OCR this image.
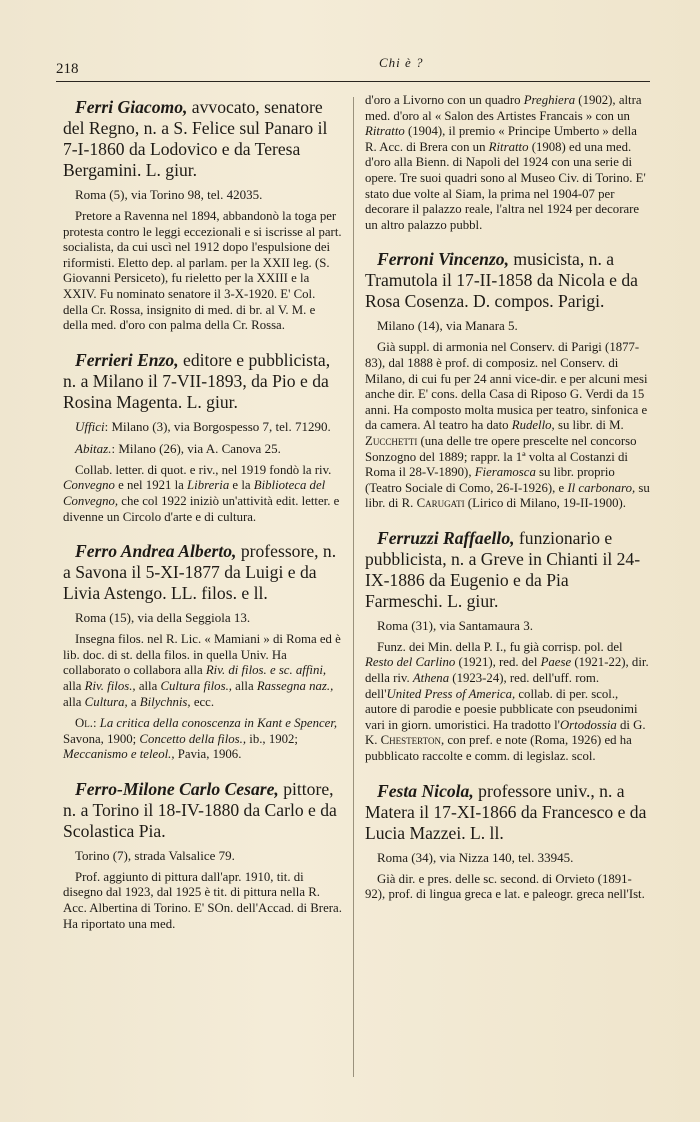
218	Chi è ?

Ferri Giacomo, avvocato, senatore del Regno, n. a S. Felice sul Panaro il 7-I-1860 da Lodovico e da Teresa Bergamini. L. giur.

Roma (5), via Torino 98, tel. 42035.

Pretore a Ravenna nel 1894, abbandonò la toga per protesta contro le leggi eccezionali e si iscrisse al part. socialista, da cui uscì nel 1912 dopo l'espulsione dei riformisti. Eletto dep. al parlam. per la XXII leg. (S. Giovanni Persiceto), fu rieletto per la XXIII e la XXIV. Fu nominato senatore il 3-X-1920. E' Col. della Cr. Rossa, insignito di med. di br. al V. M. e della med. d'oro con palma della Cr. Rossa.

Ferrieri Enzo, editore e pubblicista, n. a Milano il 7-VII-1893, da Pio e da Rosina Magenta. L. giur.

Uffici: Milano (3), via Borgospesso 7, tel. 71290.

Abitaz.: Milano (26), via A. Canova 25.

Collab. letter. di quot. e riv., nel 1919 fondò la riv. Convegno e nel 1921 la Libreria e la Biblioteca del Convegno, che col 1922 iniziò un'attività edit. letter. e divenne un Circolo d'arte e di cultura.

Ferro Andrea Alberto, professore, n. a Savona il 5-XI-1877 da Luigi e da Livia Astengo. LL. filos. e ll.

Roma (15), via della Seggiola 13.

Insegna filos. nel R. Lic. « Mamiani » di Roma ed è lib. doc. di st. della filos. in quella Univ. Ha collaborato o collabora alla Riv. di filos. e sc. affini, alla Riv. filos., alla Cultura filos., alla Rassegna naz., alla Cultura, a Bilychnis, ecc.

Ol.: La critica della conoscenza in Kant e Spencer, Savona, 1900; Concetto della filos., ib., 1902; Meccanismo e teleol., Pavia, 1906.

Ferro-Milone Carlo Cesare, pittore, n. a Torino il 18-IV-1880 da Carlo e da Scolastica Pia.

Torino (7), strada Valsalice 79.

Prof. aggiunto di pittura dall'apr. 1910, tit. di disegno dal 1923, dal 1925 è tit. di pittura nella R. Acc. Albertina di Torino. E' SOn. dell'Accad. di Brera. Ha riportato una med.

d'oro a Livorno con un quadro Preghiera (1902), altra med. d'oro al « Salon des Artistes Francais » con un Ritratto (1904), il premio « Principe Umberto » della R. Acc. di Brera con un Ritratto (1908) ed una med. d'oro alla Bienn. di Napoli del 1924 con una serie di opere. Tre suoi quadri sono al Museo Civ. di Torino. E' stato due volte al Siam, la prima nel 1904-07 per decorare il palazzo reale, l'altra nel 1924 per decorare un altro palazzo pubbl.

Ferroni Vincenzo, musicista, n. a Tramutola il 17-II-1858 da Nicola e da Rosa Cosenza. D. compos. Parigi.

Milano (14), via Manara 5.

Già suppl. di armonia nel Conserv. di Parigi (1877-83), dal 1888 è prof. di composiz. nel Conserv. di Milano, di cui fu per 24 anni vice-dir. e per alcuni mesi anche dir. E' cons. della Casa di Riposo G. Verdi da 15 anni. Ha composto molta musica per teatro, sinfonica e da camera. Al teatro ha dato Rudello, su libr. di M. Zucchetti (una delle tre opere prescelte nel concorso Sonzogno del 1889; rappr. la 1ª volta al Costanzi di Roma il 28-V-1890), Fieramosca su libr. proprio (Teatro Sociale di Como, 26-I-1926), e Il carbonaro, su libr. di R. Carugati (Lirico di Milano, 19-II-1900).

Ferruzzi Raffaello, funzionario e pubblicista, n. a Greve in Chianti il 24-IX-1886 da Eugenio e da Pia Farmeschi. L. giur.

Roma (31), via Santamaura 3.

Funz. dei Min. della P. I., fu già corrisp. pol. del Resto del Carlino (1921), red. del Paese (1921-22), dir. della riv. Athena (1923-24), red. dell'uff. rom. dell'United Press of America, collab. di per. scol., autore di parodie e poesie pubblicate con pseudonimi vari in giorn. umoristici. Ha tradotto l'Ortodossia di G. K. Chesterton, con pref. e note (Roma, 1926) ed ha pubblicato raccolte e comm. di legislaz. scol.

Festa Nicola, professore univ., n. a Matera il 17-XI-1866 da Francesco e da Lucia Mazzei. L. ll.

Roma (34), via Nizza 140, tel. 33945.

Già dir. e pres. delle sc. second. di Orvieto (1891-92), prof. di lingua greca e lat. e paleogr. greca nell'Ist.
